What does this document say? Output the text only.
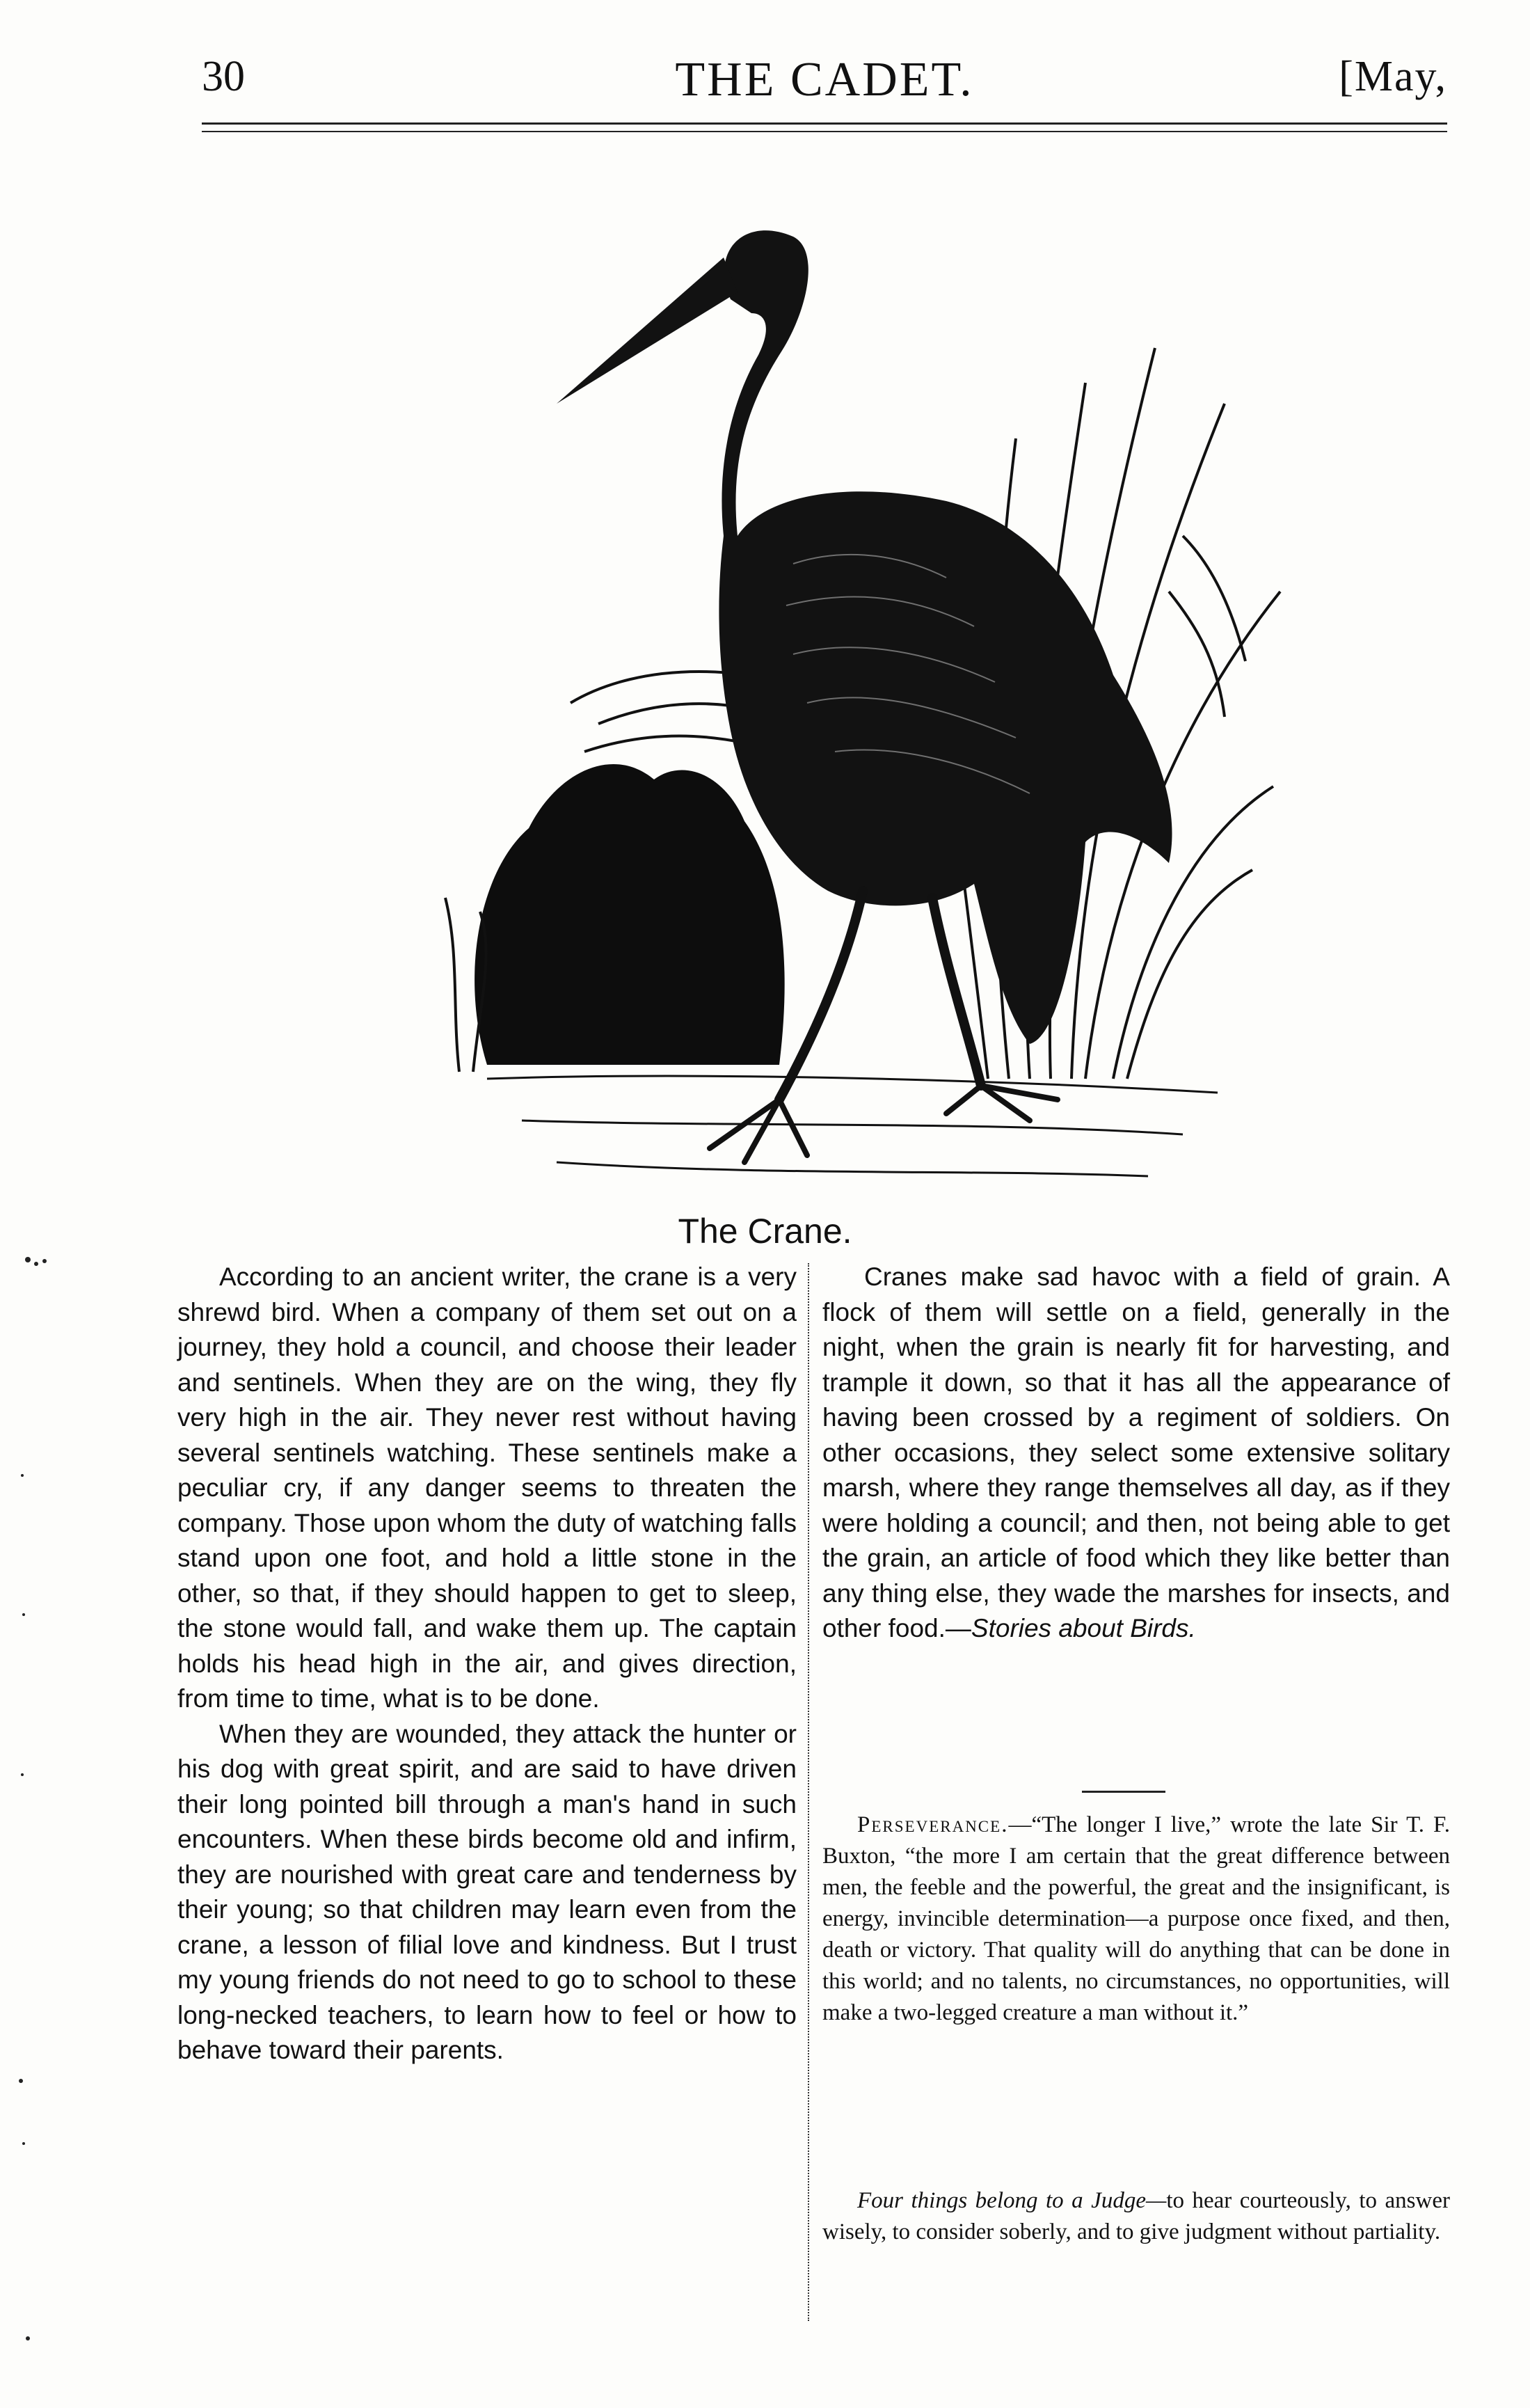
30	THE CADET.	[May,
The Crane.

According to an ancient writer, the crane is a very shrewd bird. When a company of them set out on a journey, they hold a council, and choose their leader and sentinels. When they are on the wing, they fly very high in the air. They never rest without having several sentinels watching. These sentinels make a peculiar cry, if any danger seems to threaten the company. Those upon whom the duty of watching falls stand upon one foot, and hold a little stone in the other, so that, if they should happen to get to sleep, the stone would fall, and wake them up. The captain holds his head high in the air, and gives direction, from time to time, what is to be done.

When they are wounded, they attack the hunter or his dog with great spirit, and are said to have driven their long pointed bill through a man's hand in such encounters. When these birds become old and infirm, they are nourished with great care and tenderness by their young; so that children may learn even from the crane, a lesson of filial love and kindness. But I trust my young friends do not need to go to school to these long-necked teachers, to learn how to feel or how to behave toward their parents.

Cranes make sad havoc with a field of grain. A flock of them will settle on a field, generally in the night, when the grain is nearly fit for harvesting, and trample it down, so that it has all the appearance of having been crossed by a regiment of soldiers. On other occasions, they select some extensive solitary marsh, where they range themselves all day, as if they were holding a council; and then, not being able to get the grain, an article of food which they like better than any thing else, they wade the marshes for insects, and other food.—Stories about Birds.

Perseverance.—“The longer I live,” wrote the late Sir T. F. Buxton, “the more I am certain that the great difference between men, the feeble and the powerful, the great and the insignificant, is energy, invincible determination—a purpose once fixed, and then, death or victory. That quality will do anything that can be done in this world; and no talents, no circumstances, no opportunities, will make a two-legged creature a man without it.”

Four things belong to a Judge—to hear courteously, to answer wisely, to consider soberly, and to give judgment without partiality.
